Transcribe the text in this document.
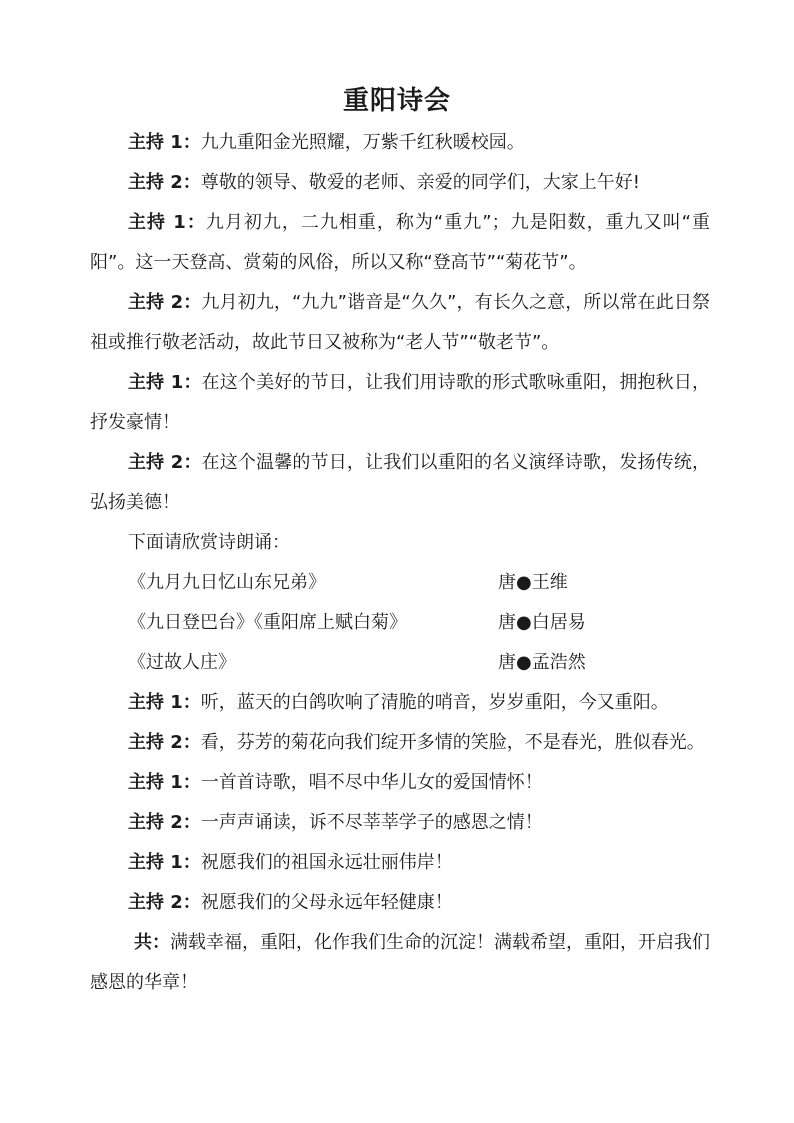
重阳诗会

主持 1：九九重阳金光照耀，万紫千红秋暖校园。

主持 2：尊敬的领导、敬爱的老师、亲爱的同学们，大家上午好!

主持 1：九月初九，二九相重，称为“重九”；九是阳数，重九又叫“重阳”。这一天登高、赏菊的风俗，所以又称“登高节”“菊花节”。

主持 2：九月初九，“九九”谐音是“久久”，有长久之意，所以常在此日祭祖或推行敬老活动，故此节日又被称为“老人节”“敬老节”。

主持 1：在这个美好的节日，让我们用诗歌的形式歌咏重阳，拥抱秋日，抒发豪情！

主持 2：在这个温馨的节日，让我们以重阳的名义演绎诗歌，发扬传统，弘扬美德！

下面请欣赏诗朗诵：

《九月九日忆山东兄弟》	唐●王维
《九日登巴台》《重阳席上赋白菊》	唐●白居易
《过故人庄》	唐●孟浩然

主持 1：听，蓝天的白鸽吹响了清脆的哨音，岁岁重阳，今又重阳。

主持 2：看，芬芳的菊花向我们绽开多情的笑脸，不是春光，胜似春光。

主持 1：一首首诗歌，唱不尽中华儿女的爱国情怀！

主持 2：一声声诵读，诉不尽莘莘学子的感恩之情！

主持 1：祝愿我们的祖国永远壮丽伟岸！

主持 2：祝愿我们的父母永远年轻健康！

共：满载幸福，重阳，化作我们生命的沉淀！满载希望，重阳，开启我们感恩的华章！
